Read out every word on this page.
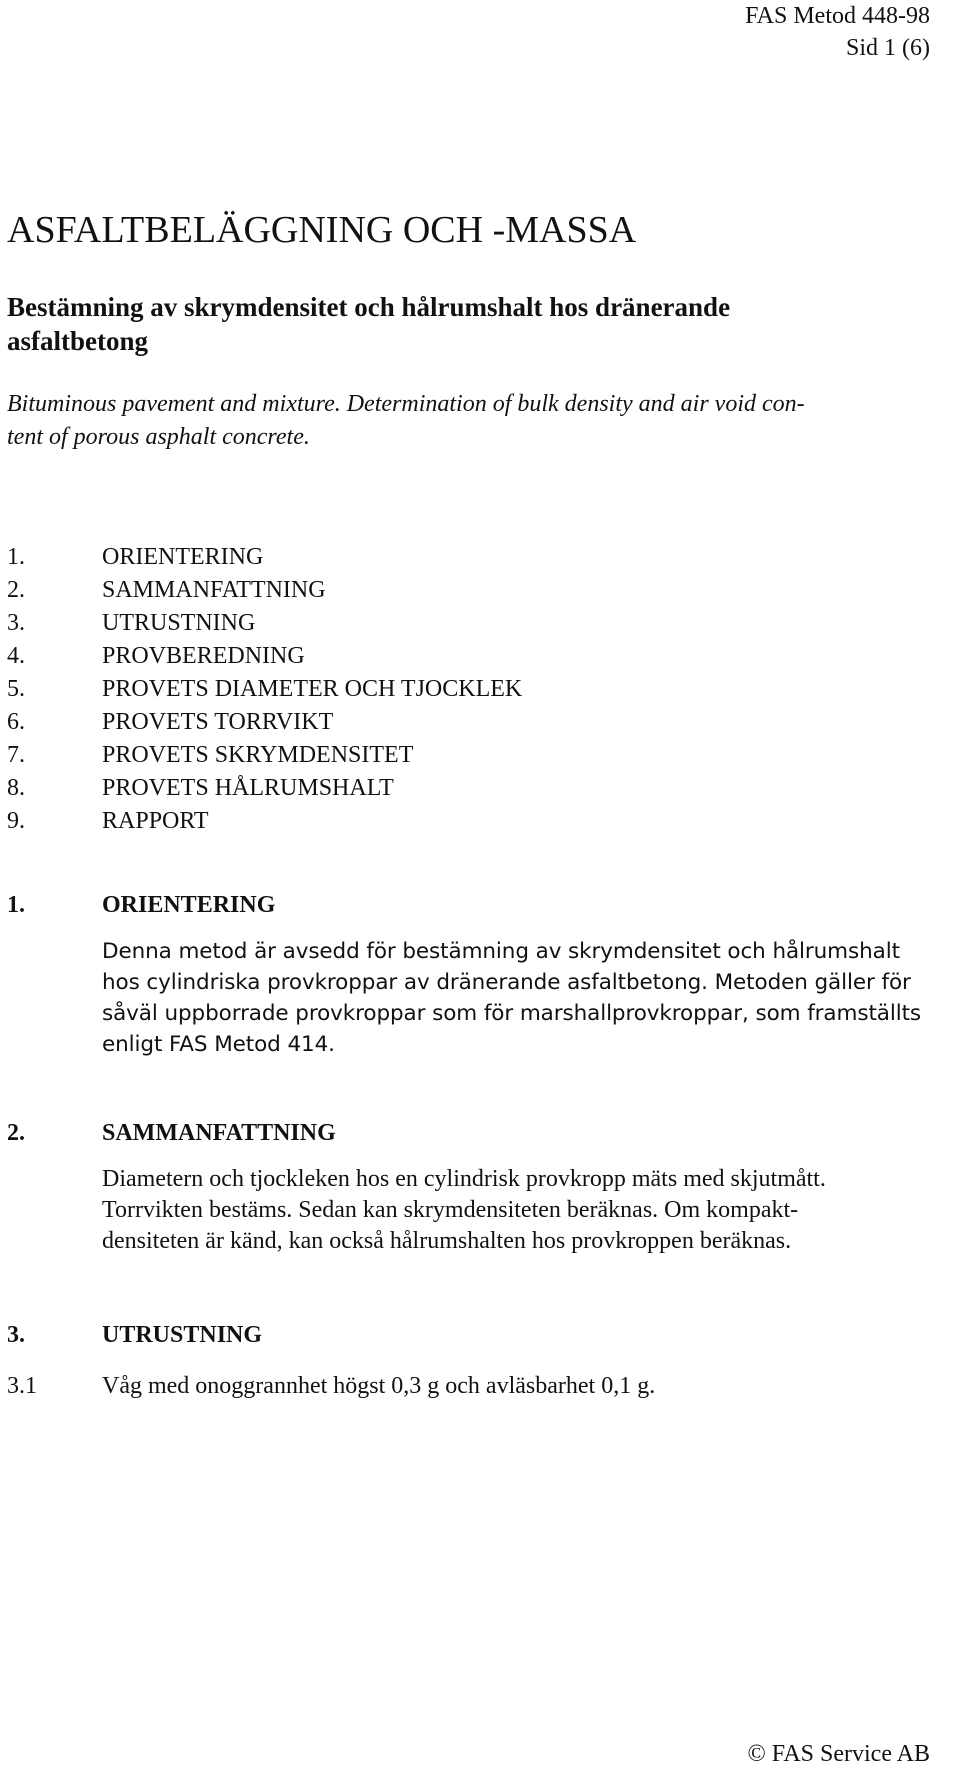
FAS Metod 448-98
Sid 1 (6)
ASFALTBELÄGGNING OCH -MASSA
Bestämning av skrymdensitet och hålrumshalt hos dränerande
asfaltbetong

Bituminous pavement and mixture. Determination of bulk density and air void con-
tent of porous asphalt concrete.

1.	ORIENTERING
2.	SAMMANFATTNING
3.	UTRUSTNING
4.	PROVBEREDNING
5.	PROVETS DIAMETER OCH TJOCKLEK
6.	PROVETS TORRVIKT
7.	PROVETS SKRYMDENSITET
8.	PROVETS HÅLRUMSHALT
9.	RAPPORT
1.	ORIENTERING
Denna metod är avsedd för bestämning av skrymdensitet och hålrumshalt
hos cylindriska provkroppar av dränerande asfaltbetong. Metoden gäller för
såväl uppborrade provkroppar som för marshallprovkroppar, som framställts
enligt FAS Metod 414.
2.	SAMMANFATTNING
Diametern och tjockleken hos en cylindrisk provkropp mäts med skjutmått.
Torrvikten bestäms. Sedan kan skrymdensiteten beräknas. Om kompakt-
densiteten är känd, kan också hålrumshalten hos provkroppen beräknas.
3.	UTRUSTNING
3.1	Våg med onoggrannhet högst 0,3 g och avläsbarhet 0,1 g.
© FAS Service AB
